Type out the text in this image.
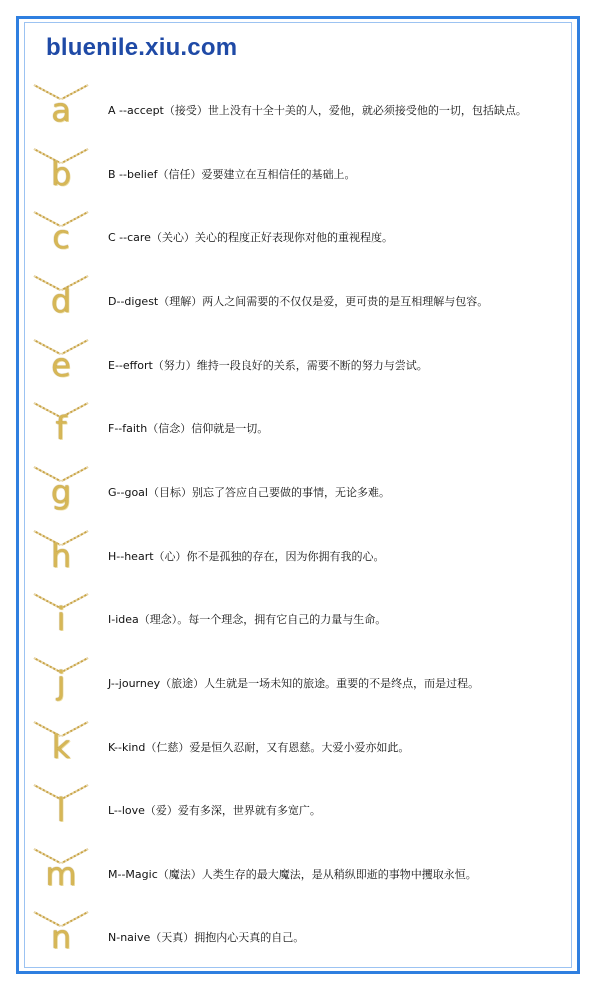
bluenile.xiu.com
a	A --accept（接受）世上没有十全十美的人，爱他，就必须接受他的一切，包括缺点。
b	B --belief（信任）爱要建立在互相信任的基础上。
c	C --care（关心）关心的程度正好表现你对他的重视程度。
d	D--digest（理解）两人之间需要的不仅仅是爱，更可贵的是互相理解与包容。
e	E--effort（努力）维持一段良好的关系，需要不断的努力与尝试。
f	F--faith（信念）信仰就是一切。
g	G--goal（目标）别忘了答应自己要做的事情，无论多难。
h	H--heart（心）你不是孤独的存在，因为你拥有我的心。
i	I-idea（理念）。每一个理念，拥有它自己的力量与生命。
j	J--journey（旅途）人生就是一场未知的旅途。重要的不是终点，而是过程。
k	K--kind（仁慈）爱是恒久忍耐，又有恩慈。大爱小爱亦如此。
l	L--love（爱）爱有多深，世界就有多宽广。
m	M--Magic（魔法）人类生存的最大魔法，是从稍纵即逝的事物中攫取永恒。
n	N-naive（天真）拥抱内心天真的自己。
